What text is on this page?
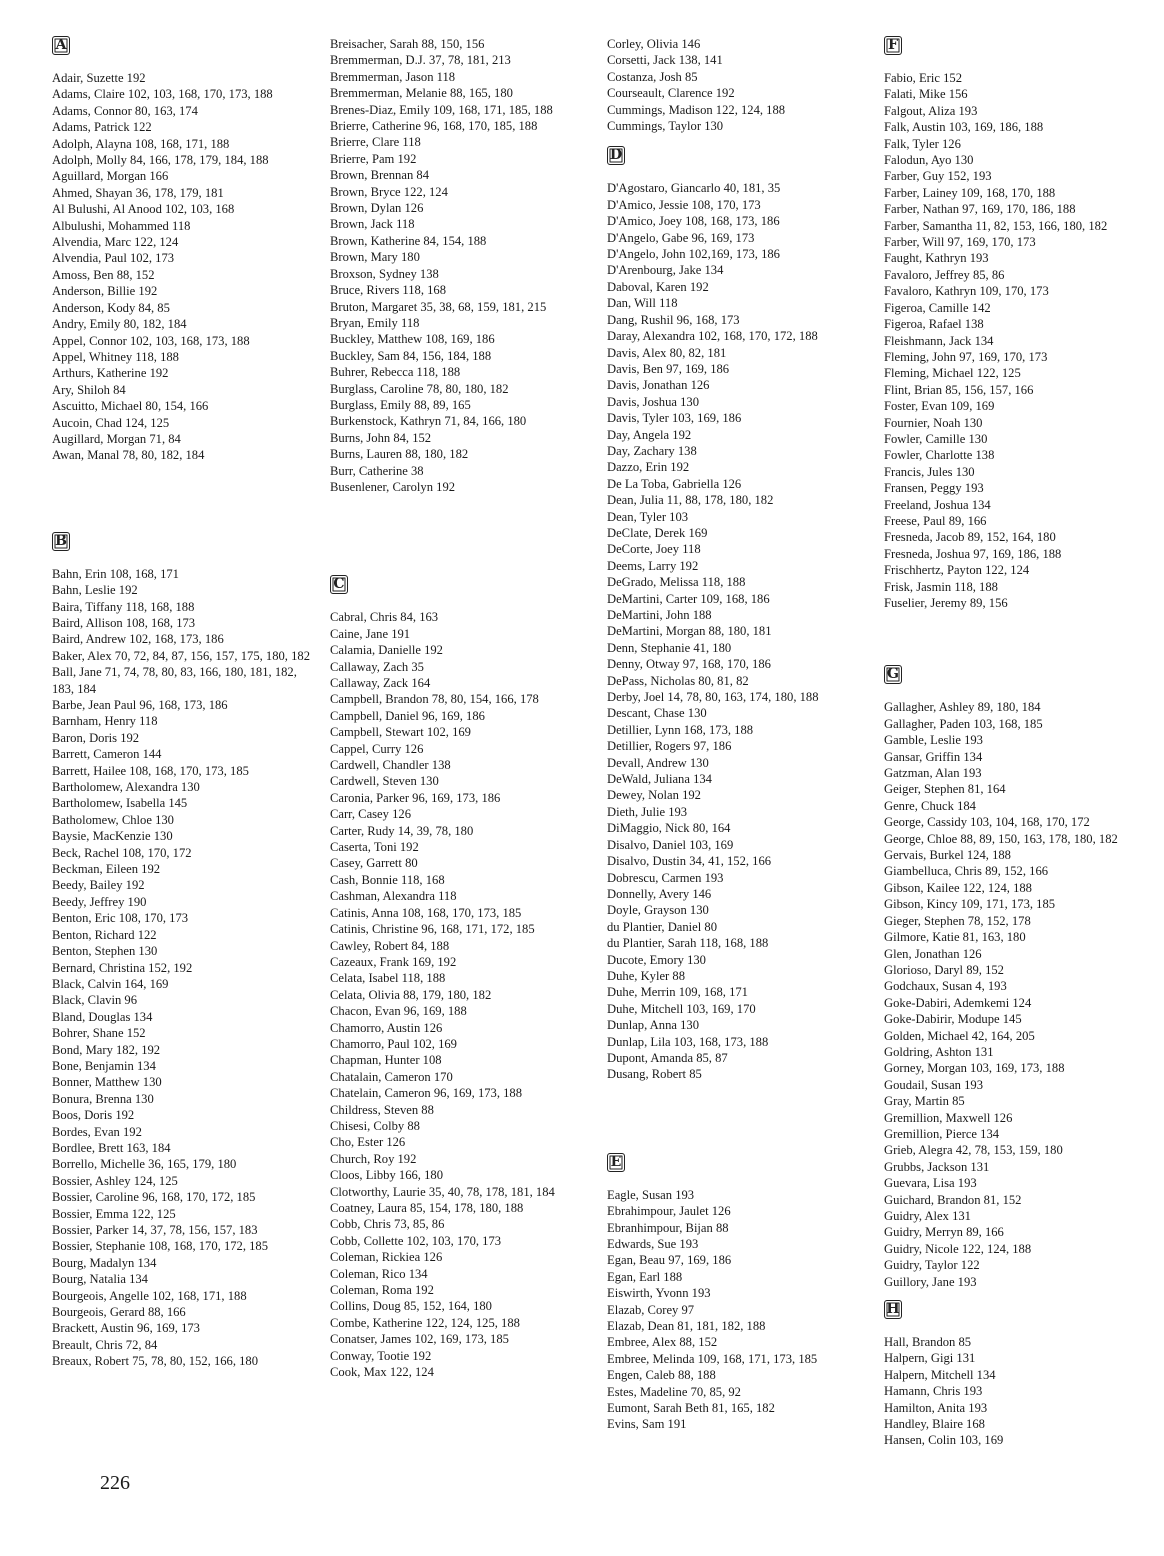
A
Adair, Suzette 192
Adams, Claire 102, 103, 168, 170, 173, 188
Adams, Connor 80, 163, 174
Adams, Patrick 122
Adolph, Alayna 108, 168, 171, 188
Adolph, Molly 84, 166, 178, 179, 184, 188
Aguillard, Morgan 166
Ahmed, Shayan 36, 178, 179, 181
Al Bulushi, Al Anood 102, 103, 168
Albulushi, Mohammed 118
Alvendia, Marc 122, 124
Alvendia, Paul 102, 173
Amoss, Ben 88, 152
Anderson, Billie 192
Anderson, Kody 84, 85
Andry, Emily 80, 182, 184
Appel, Connor 102, 103, 168, 173, 188
Appel, Whitney 118, 188
Arthurs, Katherine 192
Ary, Shiloh 84
Ascuitto, Michael 80, 154, 166
Aucoin, Chad 124, 125
Augillard, Morgan 71, 84
Awan, Manal 78, 80, 182, 184
B
Bahn, Erin 108, 168, 171
Bahn, Leslie 192
Baira, Tiffany 118, 168, 188
Baird, Allison 108, 168, 173
Baird, Andrew 102, 168, 173, 186
Baker, Alex 70, 72, 84, 87, 156, 157, 175, 180, 182
Ball, Jane 71, 74, 78, 80, 83, 166, 180, 181, 182, 183, 184
Barbe, Jean Paul 96, 168, 173, 186
Barnham, Henry 118
Baron, Doris 192
Barrett, Cameron 144
Barrett, Hailee 108, 168, 170, 173, 185
Bartholomew, Alexandra 130
Bartholomew, Isabella 145
Batholomew, Chloe 130
Baysie, MacKenzie 130
Beck, Rachel 108, 170, 172
Beckman, Eileen 192
Beedy, Bailey 192
Beedy, Jeffrey 190
Benton, Eric 108, 170, 173
Benton, Richard 122
Benton, Stephen 130
Bernard, Christina 152, 192
Black, Calvin 164, 169
Black, Clavin 96
Bland, Douglas 134
Bohrer, Shane 152
Bond, Mary 182, 192
Bone, Benjamin 134
Bonner, Matthew 130
Bonura, Brenna 130
Boos, Doris 192
Bordes, Evan 192
Bordlee, Brett 163, 184
Borrello, Michelle 36, 165, 179, 180
Bossier, Ashley 124, 125
Bossier, Caroline 96, 168, 170, 172, 185
Bossier, Emma 122, 125
Bossier, Parker 14, 37, 78, 156, 157, 183
Bossier, Stephanie 108, 168, 170, 172, 185
Bourg, Madalyn 134
Bourg, Natalia 134
Bourgeois, Angelle 102, 168, 171, 188
Bourgeois, Gerard 88, 166
Brackett, Austin 96, 169, 173
Breault, Chris 72, 84
Breaux, Robert 75, 78, 80, 152, 166, 180
Breisacher, Sarah 88, 150, 156
Bremmerman, D.J. 37, 78, 181, 213
Bremmerman, Jason 118
Bremmerman, Melanie 88, 165, 180
Brenes-Diaz, Emily 109, 168, 171, 185, 188
Brierre, Catherine 96, 168, 170, 185, 188
Brierre, Clare 118
Brierre, Pam 192
Brown, Brennan 84
Brown, Bryce 122, 124
Brown, Dylan 126
Brown, Jack 118
Brown, Katherine 84, 154, 188
Brown, Mary 180
Broxson, Sydney 138
Bruce, Rivers 118, 168
Bruton, Margaret 35, 38, 68, 159, 181, 215
Bryan, Emily 118
Buckley, Matthew 108, 169, 186
Buckley, Sam 84, 156, 184, 188
Buhrer, Rebecca 118, 188
Burglass, Caroline 78, 80, 180, 182
Burglass, Emily 88, 89, 165
Burkenstock, Kathryn 71, 84, 166, 180
Burns, John 84, 152
Burns, Lauren 88, 180, 182
Burr, Catherine 38
Busenlener, Carolyn 192
C
Cabral, Chris 84, 163
Caine, Jane 191
Calamia, Danielle 192
Callaway, Zach 35
Callaway, Zack 164
Campbell, Brandon 78, 80, 154, 166, 178
Campbell, Daniel 96, 169, 186
Campbell, Stewart 102, 169
Cappel, Curry 126
Cardwell, Chandler 138
Cardwell, Steven 130
Caronia, Parker 96, 169, 173, 186
Carr, Casey 126
Carter, Rudy 14, 39, 78, 180
Caserta, Toni 192
Casey, Garrett 80
Cash, Bonnie 118, 168
Cashman, Alexandra 118
Catinis, Anna 108, 168, 170, 173, 185
Catinis, Christine 96, 168, 171, 172, 185
Cawley, Robert 84, 188
Cazeaux, Frank 169, 192
Celata, Isabel 118, 188
Celata, Olivia 88, 179, 180, 182
Chacon, Evan 96, 169, 188
Chamorro, Austin 126
Chamorro, Paul 102, 169
Chapman, Hunter 108
Chatalain, Cameron 170
Chatelain, Cameron 96, 169, 173, 188
Childress, Steven 88
Chisesi, Colby 88
Cho, Ester 126
Church, Roy 192
Cloos, Libby 166, 180
Clotworthy, Laurie 35, 40, 78, 178, 181, 184
Coatney, Laura 85, 154, 178, 180, 188
Cobb, Chris 73, 85, 86
Cobb, Collette 102, 103, 170, 173
Coleman, Rickiea 126
Coleman, Rico 134
Coleman, Roma 192
Collins, Doug 85, 152, 164, 180
Combe, Katherine 122, 124, 125, 188
Conatser, James 102, 169, 173, 185
Conway, Tootie 192
Cook, Max 122, 124
Corley, Olivia 146
Corsetti, Jack 138, 141
Costanza, Josh 85
Courseault, Clarence 192
Cummings, Madison 122, 124, 188
Cummings, Taylor 130
D
D'Agostaro, Giancarlo 40, 181, 35
D'Amico, Jessie 108, 170, 173
D'Amico, Joey 108, 168, 173, 186
D'Angelo, Gabe 96, 169, 173
D'Angelo, John 102,169, 173, 186
D'Arenbourg, Jake 134
Daboval, Karen 192
Dan, Will 118
Dang, Rushil 96, 168, 173
Daray, Alexandra 102, 168, 170, 172, 188
Davis, Alex 80, 82, 181
Davis, Ben 97, 169, 186
Davis, Jonathan 126
Davis, Joshua 130
Davis, Tyler 103, 169, 186
Day, Angela 192
Day, Zachary 138
Dazzo, Erin 192
De La Toba, Gabriella 126
Dean, Julia 11, 88, 178, 180, 182
Dean, Tyler 103
DeClate, Derek 169
DeCorte, Joey 118
Deems, Larry 192
DeGrado, Melissa 118, 188
DeMartini, Carter 109, 168, 186
DeMartini, John 188
DeMartini, Morgan 88, 180, 181
Denn, Stephanie 41, 180
Denny, Otway 97, 168, 170, 186
DePass, Nicholas 80, 81, 82
Derby, Joel 14, 78, 80, 163, 174, 180, 188
Descant, Chase 130
Detillier, Lynn 168, 173, 188
Detillier, Rogers 97, 186
Devall, Andrew 130
DeWald, Juliana 134
Dewey, Nolan 192
Dieth, Julie 193
DiMaggio, Nick 80, 164
Disalvo, Daniel 103, 169
Disalvo, Dustin 34, 41, 152, 166
Dobrescu, Carmen 193
Donnelly, Avery 146
Doyle, Grayson 130
du Plantier, Daniel 80
du Plantier, Sarah 118, 168, 188
Ducote, Emory 130
Duhe, Kyler 88
Duhe, Merrin 109, 168, 171
Duhe, Mitchell 103, 169, 170
Dunlap, Anna 130
Dunlap, Lila 103, 168, 173, 188
Dupont, Amanda 85, 87
Dusang, Robert 85
E
Eagle, Susan 193
Ebrahimpour, Jaulet 126
Ebranhimpour, Bijan 88
Edwards, Sue 193
Egan, Beau 97, 169, 186
Egan, Earl 188
Eiswirth, Yvonn 193
Elazab, Corey 97
Elazab, Dean 81, 181, 182, 188
Embree, Alex 88, 152
Embree, Melinda 109, 168, 171, 173, 185
Engen, Caleb 88, 188
Estes, Madeline 70, 85, 92
Eumont, Sarah Beth 81, 165, 182
Evins, Sam 191
F
Fabio, Eric 152
Falati, Mike 156
Falgout, Aliza 193
Falk, Austin 103, 169, 186, 188
Falk, Tyler 126
Falodun, Ayo 130
Farber, Guy 152, 193
Farber, Lainey 109, 168, 170, 188
Farber, Nathan 97, 169, 170, 186, 188
Farber, Samantha 11, 82, 153, 166, 180, 182
Farber, Will 97, 169, 170, 173
Faught, Kathryn 193
Favaloro, Jeffrey 85, 86
Favaloro, Kathryn 109, 170, 173
Figeroa, Camille 142
Figeroa, Rafael 138
Fleishmann, Jack 134
Fleming, John 97, 169, 170, 173
Fleming, Michael 122, 125
Flint, Brian 85, 156, 157, 166
Foster, Evan 109, 169
Fournier, Noah 130
Fowler, Camille 130
Fowler, Charlotte 138
Francis, Jules 130
Fransen, Peggy 193
Freeland, Joshua 134
Freese, Paul 89, 166
Fresneda, Jacob 89, 152, 164, 180
Fresneda, Joshua 97, 169, 186, 188
Frischhertz, Payton 122, 124
Frisk, Jasmin 118, 188
Fuselier, Jeremy 89, 156
G
Gallagher, Ashley 89, 180, 184
Gallagher, Paden 103, 168, 185
Gamble, Leslie 193
Gansar, Griffin 134
Gatzman, Alan 193
Geiger, Stephen 81, 164
Genre, Chuck 184
George, Cassidy 103, 104, 168, 170, 172
George, Chloe 88, 89, 150, 163, 178, 180, 182
Gervais, Burkel 124, 188
Giambelluca, Chris 89, 152, 166
Gibson, Kailee 122, 124, 188
Gibson, Kincy 109, 171, 173, 185
Gieger, Stephen 78, 152, 178
Gilmore, Katie 81, 163, 180
Glen, Jonathan 126
Glorioso, Daryl 89, 152
Godchaux, Susan 4, 193
Goke-Dabiri, Ademkemi 124
Goke-Dabirir, Modupe 145
Golden, Michael 42, 164, 205
Goldring, Ashton 131
Gorney, Morgan 103, 169, 173, 188
Goudail, Susan 193
Gray, Martin 85
Gremillion, Maxwell 126
Gremillion, Pierce 134
Grieb, Alegra 42, 78, 153, 159, 180
Grubbs, Jackson 131
Guevara, Lisa 193
Guichard, Brandon 81, 152
Guidry, Alex 131
Guidry, Merryn 89, 166
Guidry, Nicole 122, 124, 188
Guidry, Taylor 122
Guillory, Jane 193
H
Hall, Brandon 85
Halpern, Gigi 131
Halpern, Mitchell 134
Hamann, Chris 193
Hamilton, Anita 193
Handley, Blaire 168
Hansen, Colin 103, 169
226
